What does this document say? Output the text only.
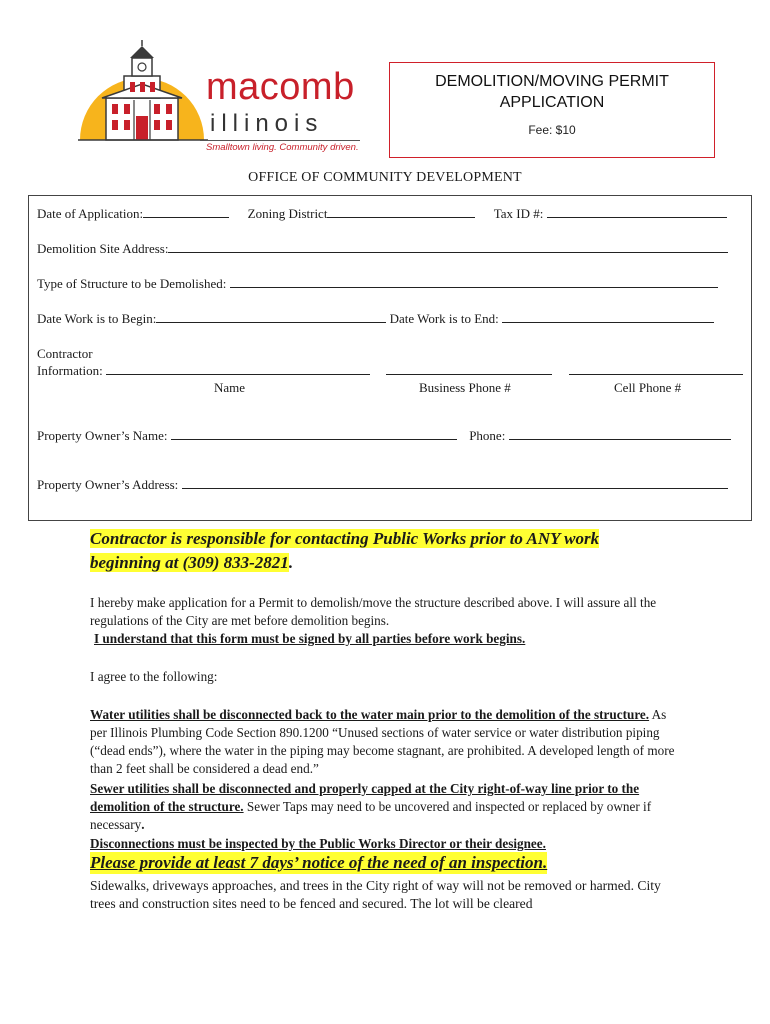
macomb
illinois
Smalltown living. Community driven.
DEMOLITION/MOVING PERMIT APPLICATION
Fee: $10
OFFICE OF COMMUNITY DEVELOPMENT
Date of Application:	Zoning District	Tax ID #:
Demolition Site Address:
Type of Structure to be Demolished:
Date Work is to Begin:	Date Work is to End:
Contractor
Information:
Name	Business Phone #	Cell Phone #
Property Owner’s Name:	Phone:
Property Owner’s Address:
Contractor is responsible for contacting Public Works prior to ANY work beginning at (309) 833-2821.
I hereby make application for a Permit to demolish/move the structure described above. I will assure all the regulations of the City are met before demolition begins.
I understand that this form must be signed by all parties before work begins.
I agree to the following:
Water utilities shall be disconnected back to the water main prior to the demolition of the structure. As per Illinois Plumbing Code Section 890.1200 “Unused sections of water service or water distribution piping (“dead ends”), where the water in the piping may become stagnant, are prohibited. A developed length of more than 2 feet shall be considered a dead end.”
Sewer utilities shall be disconnected and properly capped at the City right-of-way line prior to the demolition of the structure. Sewer Taps may need to be uncovered and inspected or replaced by owner if necessary.
Disconnections must be inspected by the Public Works Director or their designee.
Please provide at least 7 days’ notice of the need of an inspection.
Sidewalks, driveways approaches, and trees in the City right of way will not be removed or harmed. City trees and construction sites need to be fenced and secured. The lot will be cleared
